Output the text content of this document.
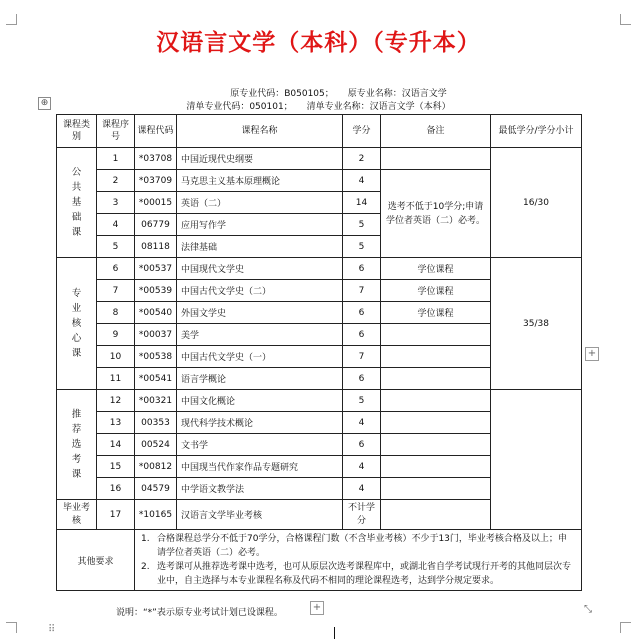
汉语言文学（本科）（专升本）
原专业代码：B050105； 原专业名称：汉语言文学
清单专业代码：050101； 清单专业名称：汉语言文学（本科）
⊕
课程类别	课程序号	课程代码	课程名称	学分	备注	最低学分/学分小计

公
共
基
础
课	1	*03708	中国近现代史纲要	2		16/30
	2	*03709	马克思主义基本原理概论	4	选考不低于10学分;申请学位者英语（二）必考。	
	3	*00015	英语（二）	14		
	4	06779	应用写作学	5		
	5	08118	法律基础	5		

专
业
核
心
课	6	*00537	中国现代文学史	6	学位课程	35/38
	7	*00539	中国古代文学史（二）	7	学位课程	
	8	*00540	外国文学史	6	学位课程	
	9	*00037	美学	6		
	10	*00538	中国古代文学史（一）	7		
	11	*00541	语言学概论	6		

推
荐
选
考
课	12	*00321	中国文化概论	5		
	13	00353	现代科学技术概论	4		
	14	00524	文书学	6		
	15	*00812	中国现当代作家作品专题研究	4		
	16	04579	中学语文教学法	4		
毕业考核	17	*10165	汉语言文学毕业考核	不计学分		
其他要求		1. 合格课程总学分不低于70学分，合格课程门数（不含毕业考核）不少于13门，毕业考核合格及以上；申请学位者英语（二）必考。
2. 选考课可从推荐选考课中选考，也可从原层次选考课程库中，或湖北省自学考试现行开考的其他同层次专业中，自主选择与本专业课程名称及代码不相同的理论课程选考，达到学分规定要求。				
说明：“*”表示原专业考试计划已设课程。
+
+	⤡
⠿
